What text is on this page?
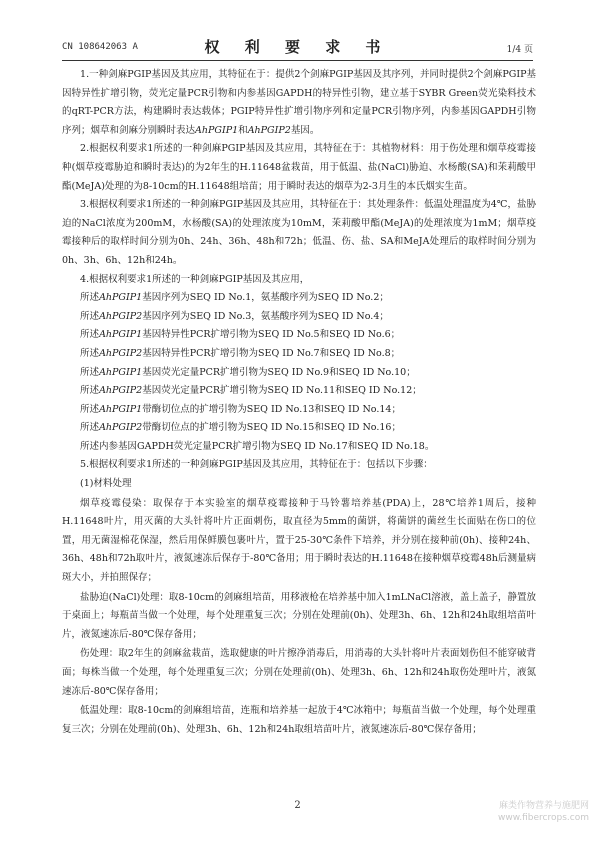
CN 108642063 A	权 利 要 求 书	1/4 页

1.一种剑麻PGIP基因及其应用，其特征在于：提供2个剑麻PGIP基因及其序列，并同时提供2个剑麻PGIP基因特异性扩增引物，荧光定量PCR引物和内参基因GAPDH的特异性引物，建立基于SYBR Green荧光染料技术的qRT-PCR方法，构建瞬时表达载体；PGIP特异性扩增引物序列和定量PCR引物序列，内参基因GAPDH引物序列；烟草和剑麻分别瞬时表达AhPGIP1和AhPGIP2基因。

2.根据权利要求1所述的一种剑麻PGIP基因及其应用，其特征在于：其植物材料：用于伤处理和烟草疫霉接种(烟草疫霉胁迫和瞬时表达)的为2年生的H.11648盆栽苗，用于低温、盐(NaCl)胁迫、水杨酸(SA)和茉莉酸甲酯(MeJA)处理的为8-10cm的H.11648组培苗；用于瞬时表达的烟草为2-3月生的本氏烟实生苗。

3.根据权利要求1所述的一种剑麻PGIP基因及其应用，其特征在于：其处理条件：低温处理温度为4℃，盐胁迫的NaCl浓度为200mM，水杨酸(SA)的处理浓度为10mM，茉莉酸甲酯(MeJA)的处理浓度为1mM；烟草疫霉接种后的取样时间分别为0h、24h、36h、48h和72h；低温、伤、盐、SA和MeJA处理后的取样时间分别为0h、3h、6h、12h和24h。

4.根据权利要求1所述的一种剑麻PGIP基因及其应用，

所述AhPGIP1基因序列为SEQ ID No.1，氨基酸序列为SEQ ID No.2；

所述AhPGIP2基因序列为SEQ ID No.3，氨基酸序列为SEQ ID No.4；

所述AhPGIP1基因特异性PCR扩增引物为SEQ ID No.5和SEQ ID No.6；

所述AhPGIP2基因特异性PCR扩增引物为SEQ ID No.7和SEQ ID No.8；

所述AhPGIP1基因荧光定量PCR扩增引物为SEQ ID No.9和SEQ ID No.10；

所述AhPGIP2基因荧光定量PCR扩增引物为SEQ ID No.11和SEQ ID No.12；

所述AhPGIP1带酶切位点的扩增引物为SEQ ID No.13和SEQ ID No.14；

所述AhPGIP2带酶切位点的扩增引物为SEQ ID No.15和SEQ ID No.16；

所述内参基因GAPDH荧光定量PCR扩增引物为SEQ ID No.17和SEQ ID No.18。

5.根据权利要求1所述的一种剑麻PGIP基因及其应用，其特征在于：包括以下步骤：

(1)材料处理

烟草疫霉侵染：取保存于本实验室的烟草疫霉接种于马铃薯培养基(PDA)上，28℃培养1周后，接种H.11648叶片，用灭菌的大头针将叶片正面刺伤，取直径为5mm的菌饼，将菌饼的菌丝生长面贴在伤口的位置，用无菌湿棉花保湿，然后用保鲜膜包裹叶片，置于25-30℃条件下培养，并分别在接种前(0h)、接种24h、36h、48h和72h取叶片，液氮速冻后保存于-80℃备用；用于瞬时表达的H.11648在接种烟草疫霉48h后测量病斑大小，并拍照保存；

盐胁迫(NaCl)处理：取8-10cm的剑麻组培苗，用移液枪在培养基中加入1mLNaCl溶液，盖上盖子，静置放于桌面上；每瓶苗当做一个处理，每个处理重复三次；分别在处理前(0h)、处理3h、6h、12h和24h取组培苗叶片，液氮速冻后-80℃保存备用；

伤处理：取2年生的剑麻盆栽苗，选取健康的叶片擦净消毒后，用消毒的大头针将叶片表面划伤但不能穿破背面；每株当做一个处理，每个处理重复三次；分别在处理前(0h)、处理3h、6h、12h和24h取伤处理叶片，液氮速冻后-80℃保存备用；

低温处理：取8-10cm的剑麻组培苗，连瓶和培养基一起放于4℃冰箱中；每瓶苗当做一个处理，每个处理重复三次；分别在处理前(0h)、处理3h、6h、12h和24h取组培苗叶片，液氮速冻后-80℃保存备用；

2	麻类作物营养与施肥网
www.fibercrops.com
